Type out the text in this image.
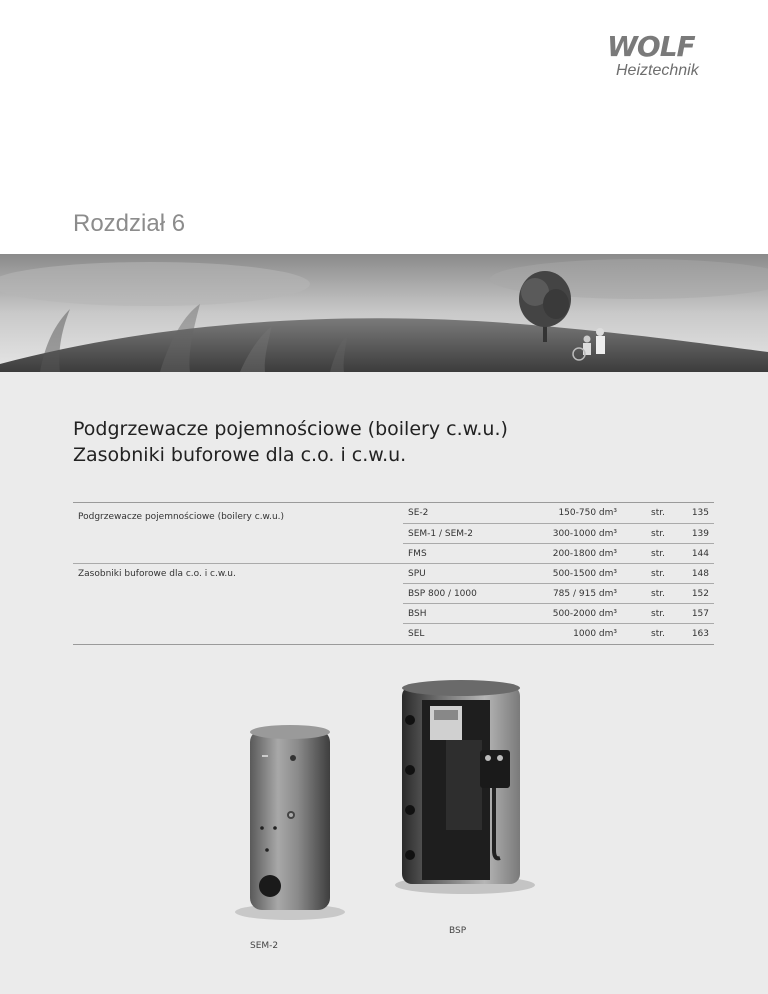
WOLF
Heiztechnik
Rozdział 6
Podgrzewacze pojemnościowe (boilery c.w.u.)
Zasobniki buforowe dla c.o. i c.w.u.
Podgrzewacze pojemnościowe (boilery c.w.u.)
Zasobniki buforowe dla c.o. i c.w.u.
SE-2	150-750 dm³	str.	135
SEM-1 / SEM-2	300-1000 dm³	str.	139
FMS	200-1800 dm³	str.	144
SPU	500-1500 dm³	str.	148
BSP 800 / 1000	785 / 915 dm³	str.	152
BSH	500-2000 dm³	str.	157
SEL	1000 dm³	str.	163
SEM-2
BSP
